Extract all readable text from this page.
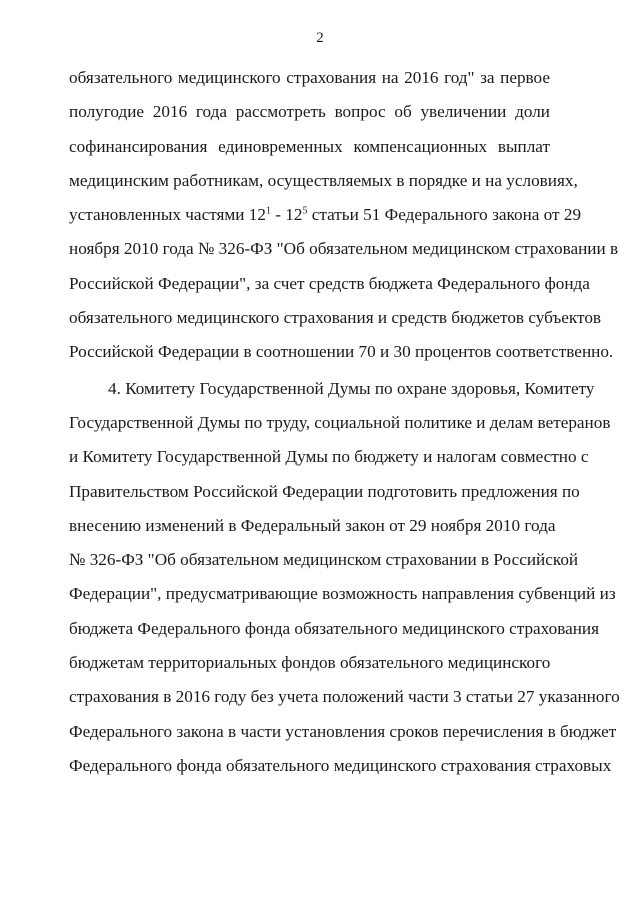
2
обязательного медицинского страхования на 2016 год" за первое
полугодие 2016 года рассмотреть вопрос об увеличении доли
софинансирования единовременных компенсационных выплат
медицинским работникам, осуществляемых в порядке и на условиях,
установленных частями $12^1 - 12^5$ статьи 51 Федерального закона от 29
ноября 2010 года № 326-ФЗ "Об обязательном медицинском страховании в
Российской Федерации", за счет средств бюджета Федерального фонда
обязательного медицинского страхования и средств бюджетов субъектов
Российской Федерации в соотношении 70 и 30 процентов соответственно.
4. Комитету Государственной Думы по охране здоровья, Комитету
Государственной Думы по труду, социальной политике и делам ветеранов
и Комитету Государственной Думы по бюджету и налогам совместно с
Правительством Российской Федерации подготовить предложения по
внесению изменений в Федеральный закон от 29 ноября 2010 года
№ 326-ФЗ "Об обязательном медицинском страховании в Российской
Федерации", предусматривающие возможность направления субвенций из
бюджета Федерального фонда обязательного медицинского страхования
бюджетам территориальных фондов обязательного медицинского
страхования в 2016 году без учета положений части 3 статьи 27 указанного
Федерального закона в части установления сроков перечисления в бюджет
Федерального фонда обязательного медицинского страхования страховых
